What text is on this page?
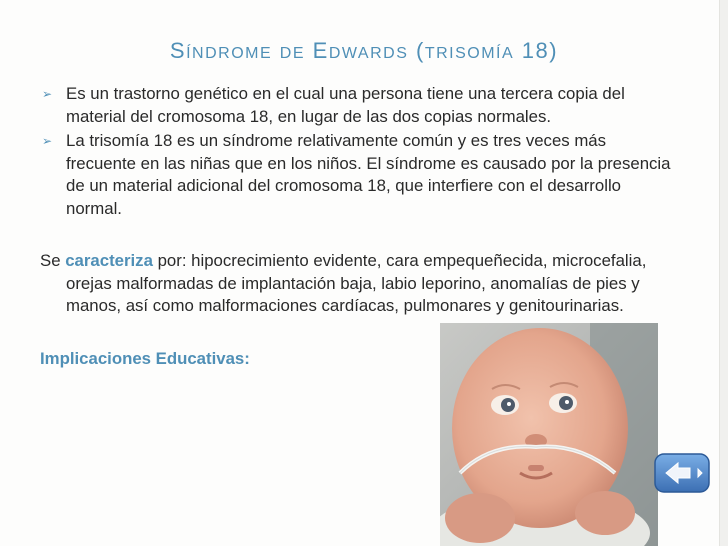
SÍNDROME DE EDWARDS (TRISOMÍA 18)
➢ Es un trastorno genético en el cual una persona tiene una tercera copia del material del cromosoma 18, en lugar de las dos copias normales.
➢ La trisomía 18 es un síndrome relativamente común y es tres veces más frecuente en las niñas que en los niños. El síndrome es causado por la presencia de un material adicional del cromosoma 18, que interfiere con el desarrollo normal.
Se caracteriza por: hipocrecimiento evidente, cara empequeñecida, microcefalia, orejas malformadas de implantación baja, labio leporino, anomalías de pies y manos, así como malformaciones cardíacas, pulmonares y genitourinarias.
Implicaciones Educativas:
